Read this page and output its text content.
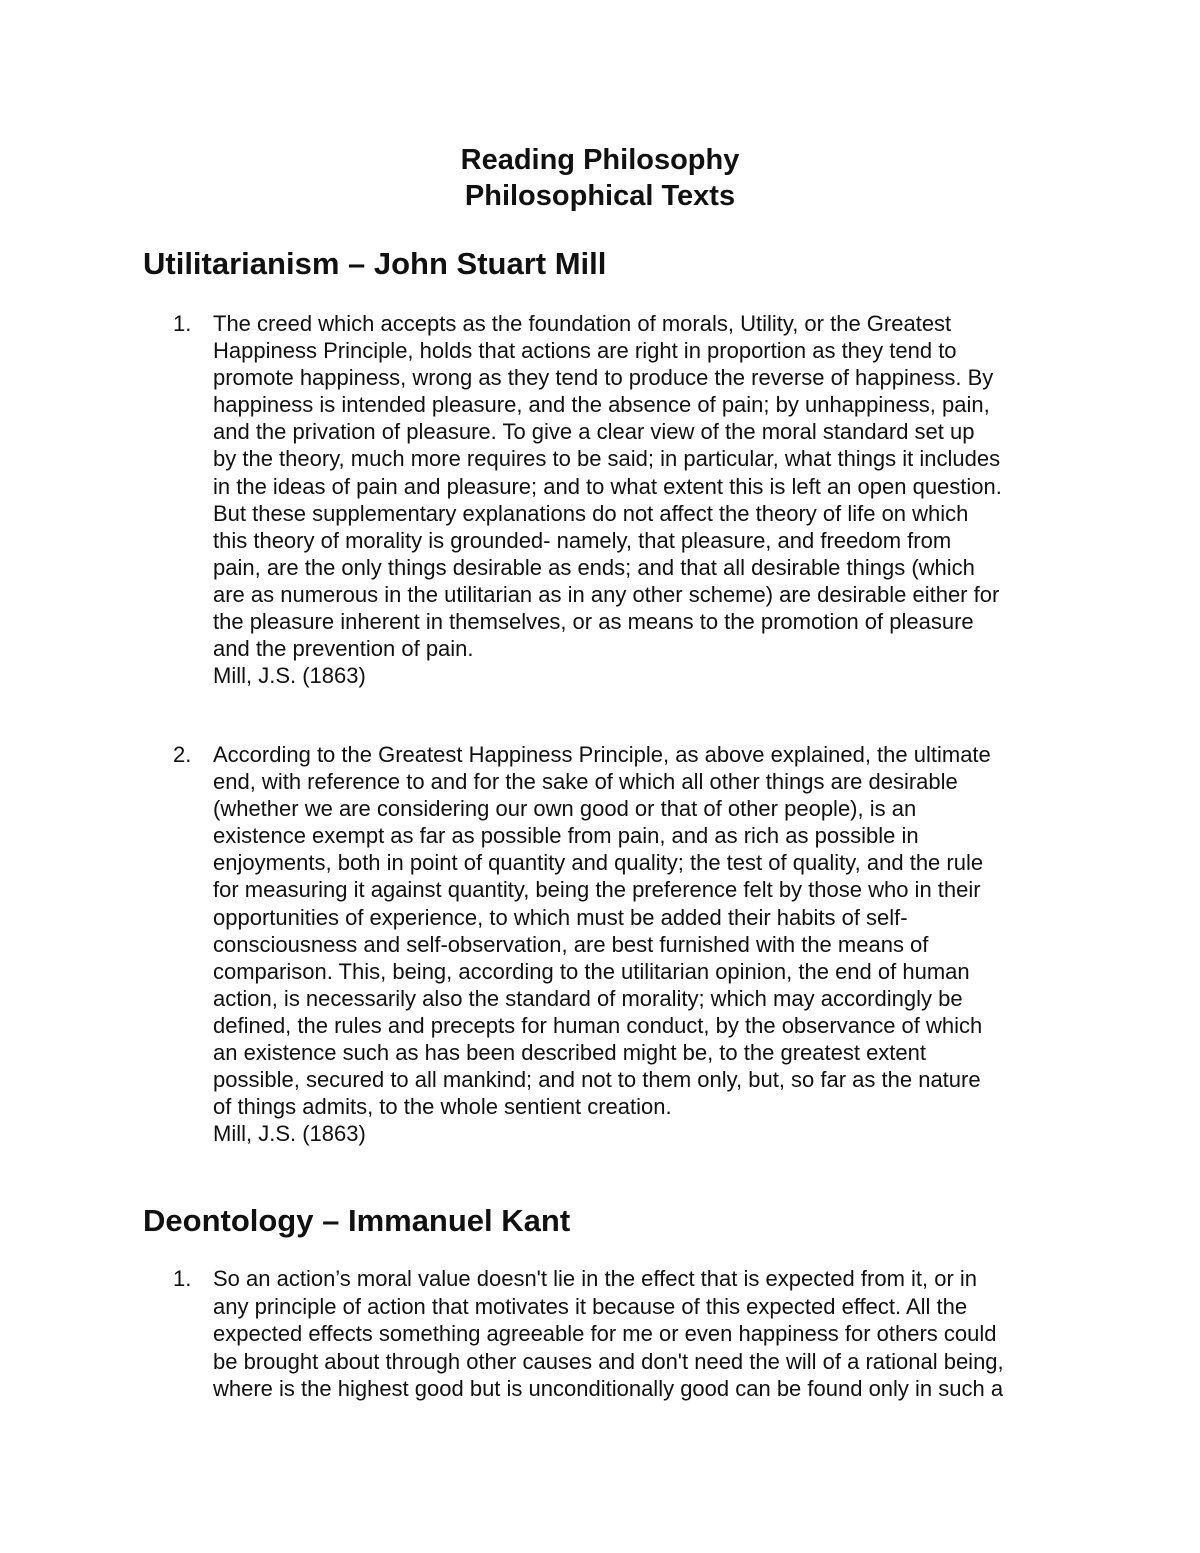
Reading Philosophy
Philosophical Texts
Utilitarianism – John Stuart Mill
1. The creed which accepts as the foundation of morals, Utility, or the Greatest
Happiness Principle, holds that actions are right in proportion as they tend to
promote happiness, wrong as they tend to produce the reverse of happiness. By
happiness is intended pleasure, and the absence of pain; by unhappiness, pain,
and the privation of pleasure. To give a clear view of the moral standard set up
by the theory, much more requires to be said; in particular, what things it includes
in the ideas of pain and pleasure; and to what extent this is left an open question.
But these supplementary explanations do not affect the theory of life on which
this theory of morality is grounded- namely, that pleasure, and freedom from
pain, are the only things desirable as ends; and that all desirable things (which
are as numerous in the utilitarian as in any other scheme) are desirable either for
the pleasure inherent in themselves, or as means to the promotion of pleasure
and the prevention of pain.
Mill, J.S. (1863)
2. According to the Greatest Happiness Principle, as above explained, the ultimate
end, with reference to and for the sake of which all other things are desirable
(whether we are considering our own good or that of other people), is an
existence exempt as far as possible from pain, and as rich as possible in
enjoyments, both in point of quantity and quality; the test of quality, and the rule
for measuring it against quantity, being the preference felt by those who in their
opportunities of experience, to which must be added their habits of self-
consciousness and self-observation, are best furnished with the means of
comparison. This, being, according to the utilitarian opinion, the end of human
action, is necessarily also the standard of morality; which may accordingly be
defined, the rules and precepts for human conduct, by the observance of which
an existence such as has been described might be, to the greatest extent
possible, secured to all mankind; and not to them only, but, so far as the nature
of things admits, to the whole sentient creation.
Mill, J.S. (1863)
Deontology – Immanuel Kant
1. So an action’s moral value doesn't lie in the effect that is expected from it, or in
any principle of action that motivates it because of this expected effect. All the
expected effects something agreeable for me or even happiness for others could
be brought about through other causes and don't need the will of a rational being,
where is the highest good but is unconditionally good can be found only in such a
